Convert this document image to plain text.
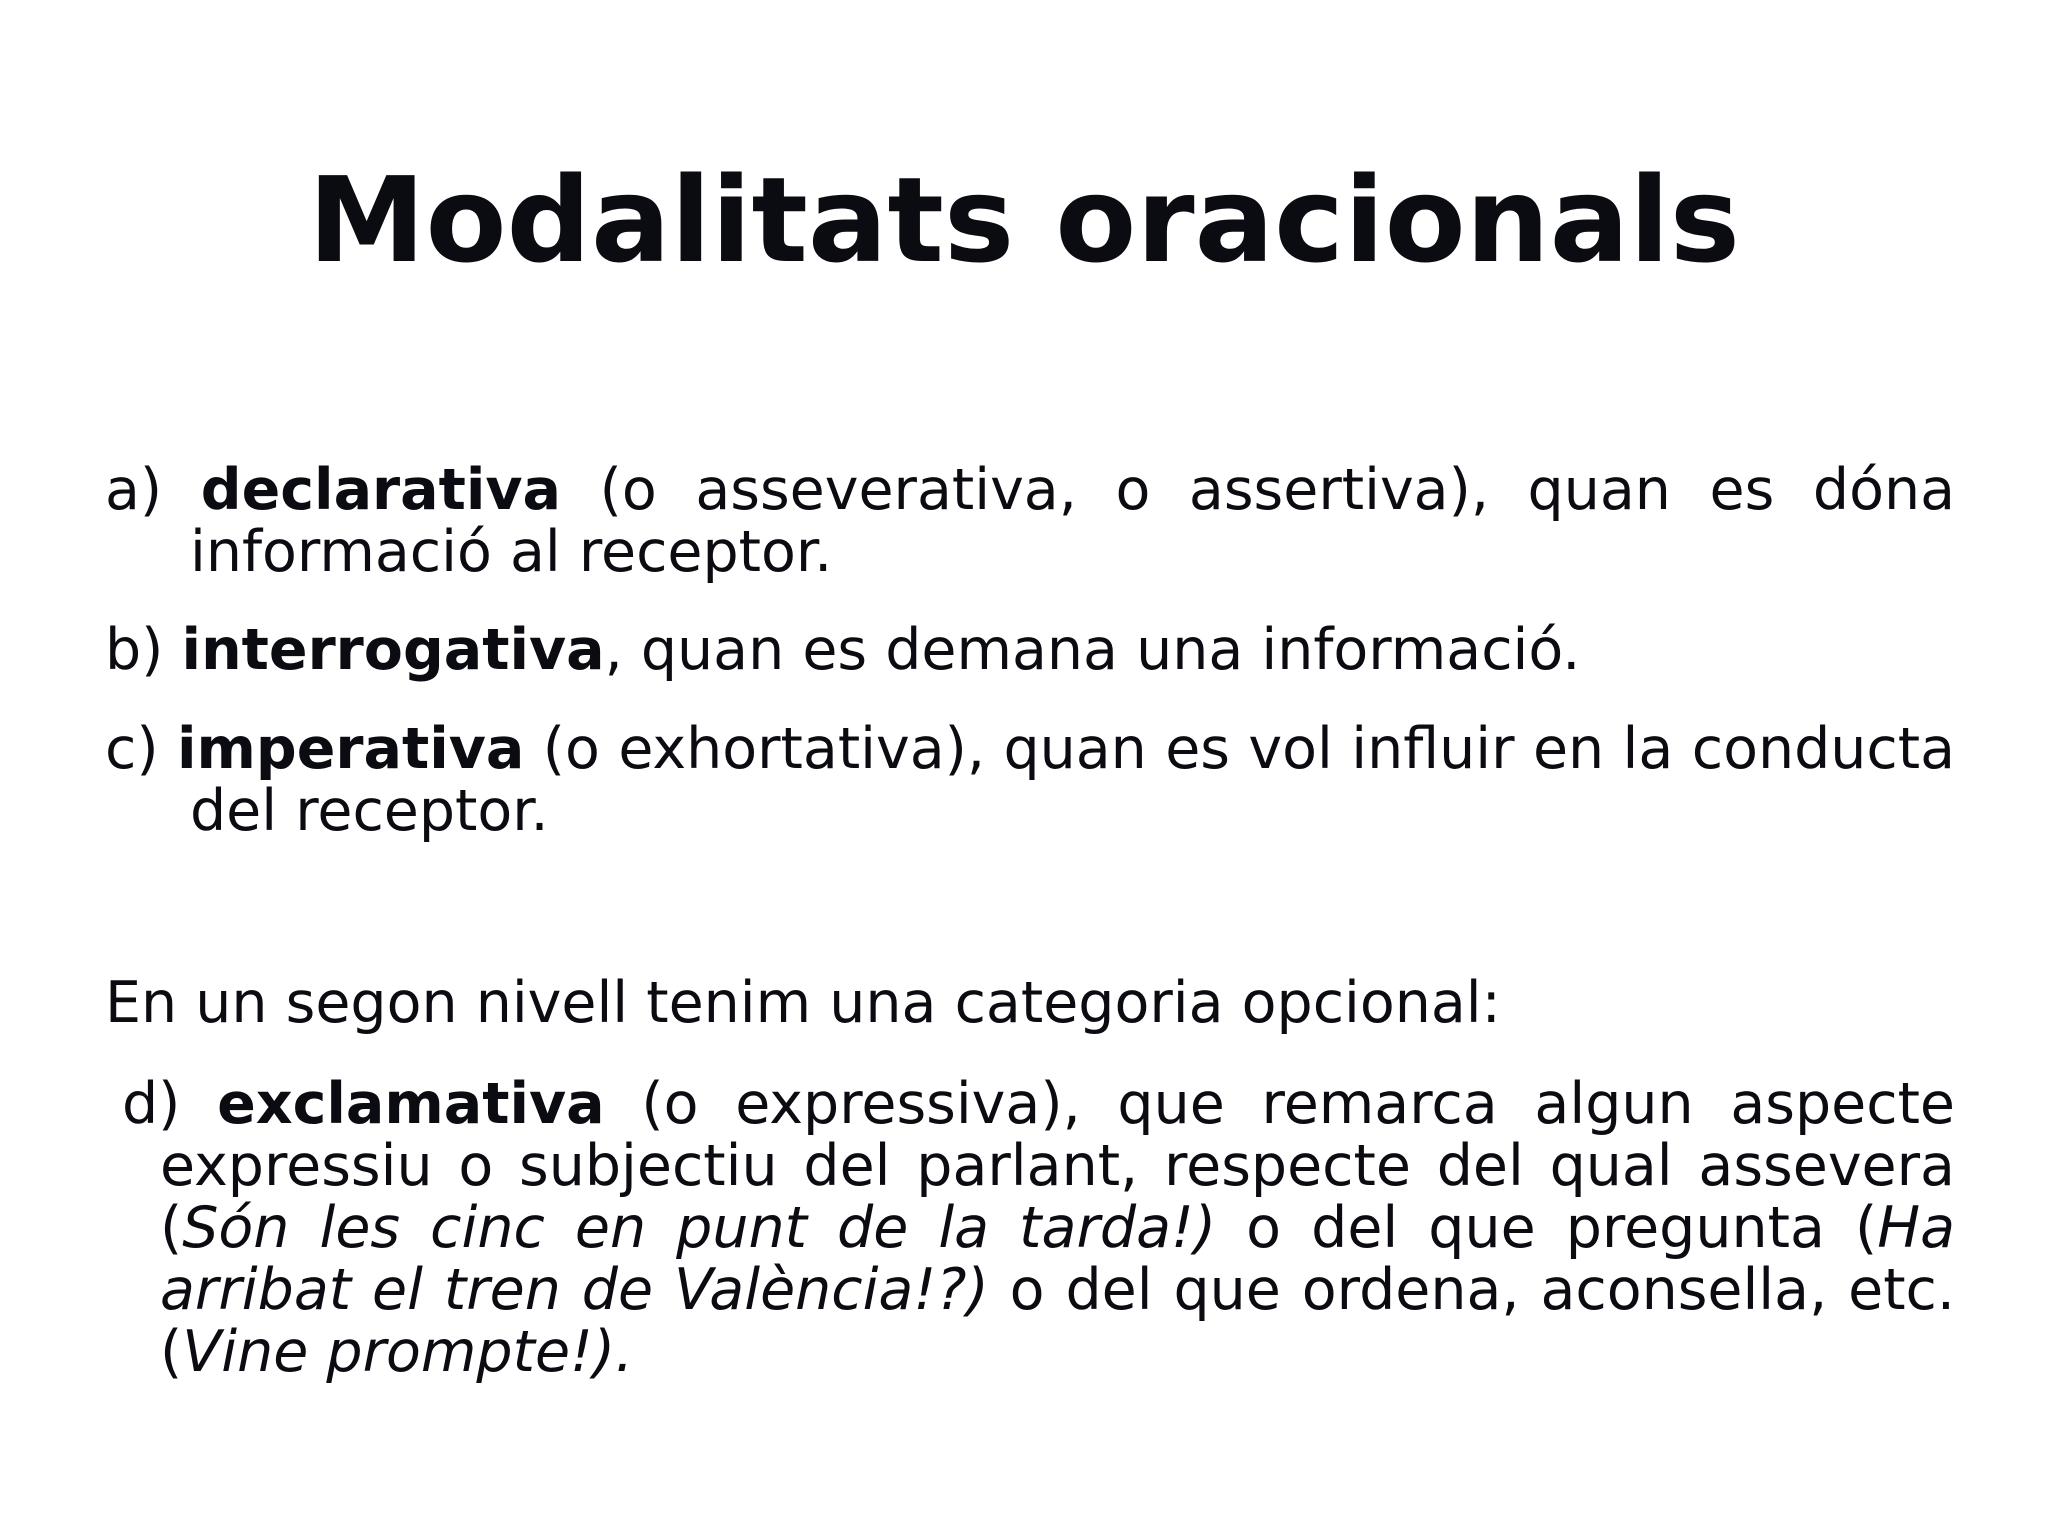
Modalitats oracionals
a) declarativa (o asseverativa, o assertiva), quan es dóna informació al receptor.
b) interrogativa, quan es demana una informació.
c) imperativa (o exhortativa), quan es vol influir en la conducta del receptor.
En un segon nivell tenim una categoria opcional:
d) exclamativa (o expressiva), que remarca algun aspecte expressiu o subjectiu del parlant, respecte del qual assevera (Són les cinc en punt de la tarda!) o del que pregunta (Ha arribat el tren de València!?) o del que ordena, aconsella, etc. (Vine prompte!).
